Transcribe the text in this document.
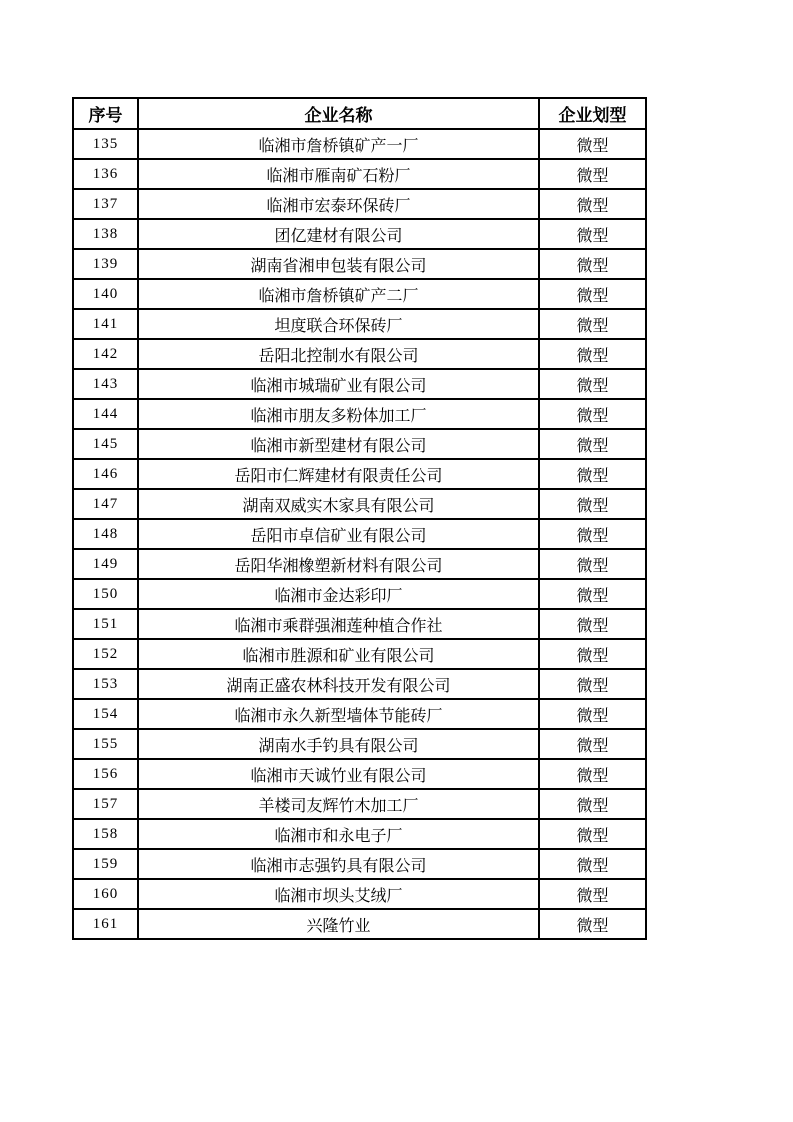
序号	企业名称	企业划型
135	临湘市詹桥镇矿产一厂	微型
136	临湘市雁南矿石粉厂	微型
137	临湘市宏泰环保砖厂	微型
138	团亿建材有限公司	微型
139	湖南省湘申包装有限公司	微型
140	临湘市詹桥镇矿产二厂	微型
141	坦度联合环保砖厂	微型
142	岳阳北控制水有限公司	微型
143	临湘市城瑞矿业有限公司	微型
144	临湘市朋友多粉体加工厂	微型
145	临湘市新型建材有限公司	微型
146	岳阳市仁辉建材有限责任公司	微型
147	湖南双威实木家具有限公司	微型
148	岳阳市卓信矿业有限公司	微型
149	岳阳华湘橡塑新材料有限公司	微型
150	临湘市金达彩印厂	微型
151	临湘市乘群强湘莲种植合作社	微型
152	临湘市胜源和矿业有限公司	微型
153	湖南正盛农林科技开发有限公司	微型
154	临湘市永久新型墙体节能砖厂	微型
155	湖南水手钓具有限公司	微型
156	临湘市天诚竹业有限公司	微型
157	羊楼司友辉竹木加工厂	微型
158	临湘市和永电子厂	微型
159	临湘市志强钓具有限公司	微型
160	临湘市坝头艾绒厂	微型
161	兴隆竹业	微型
